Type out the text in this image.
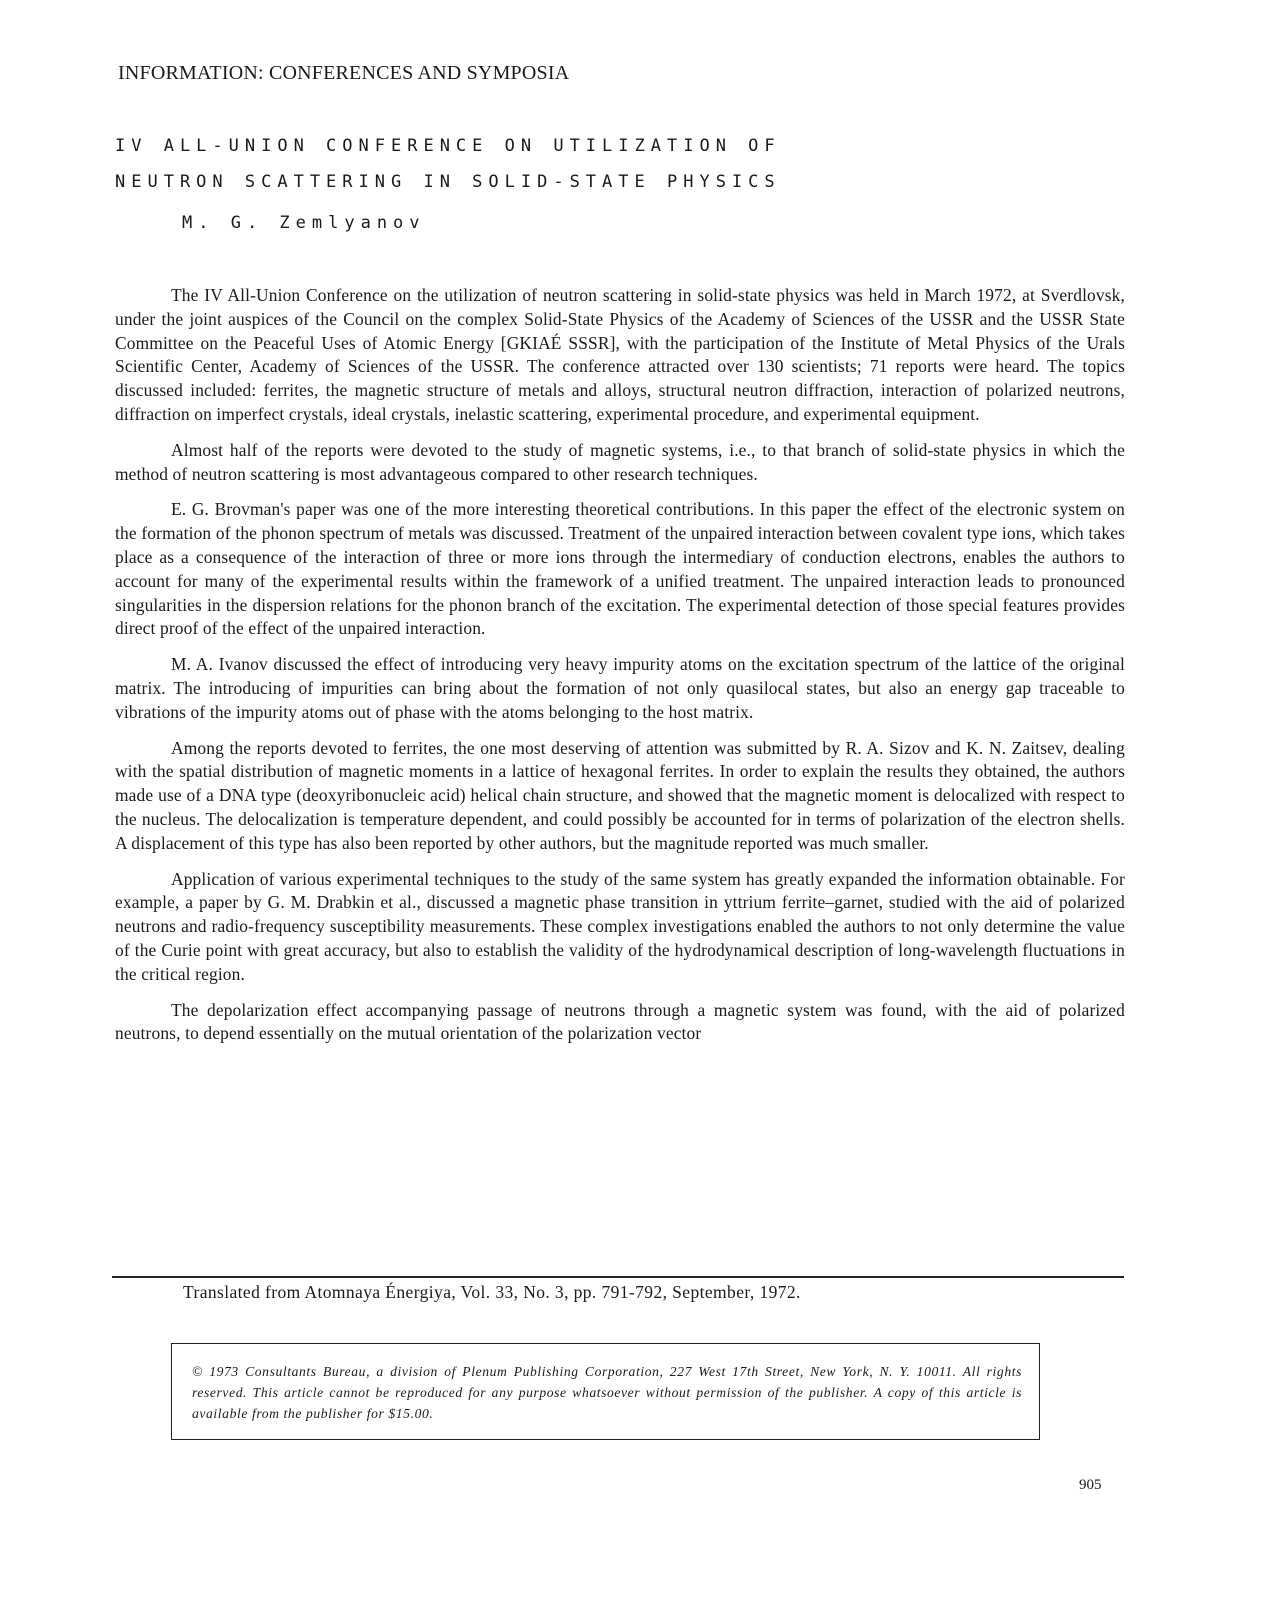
INFORMATION: CONFERENCES AND SYMPOSIA
IV ALL-UNION CONFERENCE ON UTILIZATION OF
NEUTRON SCATTERING IN SOLID-STATE PHYSICS
M. G. Zemlyanov

The IV All-Union Conference on the utilization of neutron scattering in solid-state physics was held in March 1972, at Sverdlovsk, under the joint auspices of the Council on the complex Solid-State Physics of the Academy of Sciences of the USSR and the USSR State Committee on the Peaceful Uses of Atomic Energy [GKIAÉ SSSR], with the participation of the Institute of Metal Physics of the Urals Scientific Center, Academy of Sciences of the USSR. The conference attracted over 130 scientists; 71 reports were heard. The topics discussed included: ferrites, the magnetic structure of metals and alloys, structural neutron diffraction, interaction of polarized neutrons, diffraction on imperfect crystals, ideal crystals, inelastic scattering, experimental procedure, and experimental equipment.

Almost half of the reports were devoted to the study of magnetic systems, i.e., to that branch of solid-state physics in which the method of neutron scattering is most advantageous compared to other research techniques.

E. G. Brovman's paper was one of the more interesting theoretical contributions. In this paper the effect of the electronic system on the formation of the phonon spectrum of metals was discussed. Treatment of the unpaired interaction between covalent type ions, which takes place as a consequence of the interaction of three or more ions through the intermediary of conduction electrons, enables the authors to account for many of the experimental results within the framework of a unified treatment. The unpaired interaction leads to pronounced singularities in the dispersion relations for the phonon branch of the excitation. The experimental detection of those special features provides direct proof of the effect of the unpaired interaction.

M. A. Ivanov discussed the effect of introducing very heavy impurity atoms on the excitation spectrum of the lattice of the original matrix. The introducing of impurities can bring about the formation of not only quasilocal states, but also an energy gap traceable to vibrations of the impurity atoms out of phase with the atoms belonging to the host matrix.

Among the reports devoted to ferrites, the one most deserving of attention was submitted by R. A. Sizov and K. N. Zaitsev, dealing with the spatial distribution of magnetic moments in a lattice of hexagonal ferrites. In order to explain the results they obtained, the authors made use of a DNA type (deoxyribonucleic acid) helical chain structure, and showed that the magnetic moment is delocalized with respect to the nucleus. The delocalization is temperature dependent, and could possibly be accounted for in terms of polarization of the electron shells. A displacement of this type has also been reported by other authors, but the magnitude reported was much smaller.

Application of various experimental techniques to the study of the same system has greatly expanded the information obtainable. For example, a paper by G. M. Drabkin et al., discussed a magnetic phase transition in yttrium ferrite–garnet, studied with the aid of polarized neutrons and radio-frequency susceptibility measurements. These complex investigations enabled the authors to not only determine the value of the Curie point with great accuracy, but also to establish the validity of the hydrodynamical description of long-wavelength fluctuations in the critical region.

The depolarization effect accompanying passage of neutrons through a magnetic system was found, with the aid of polarized neutrons, to depend essentially on the mutual orientation of the polarization vector

Translated from Atomnaya Énergiya, Vol. 33, No. 3, pp. 791-792, September, 1972.
© 1973 Consultants Bureau, a division of Plenum Publishing Corporation, 227 West 17th Street, New York, N. Y. 10011. All rights reserved. This article cannot be reproduced for any purpose whatsoever without permission of the publisher. A copy of this article is available from the publisher for $15.00.
905
